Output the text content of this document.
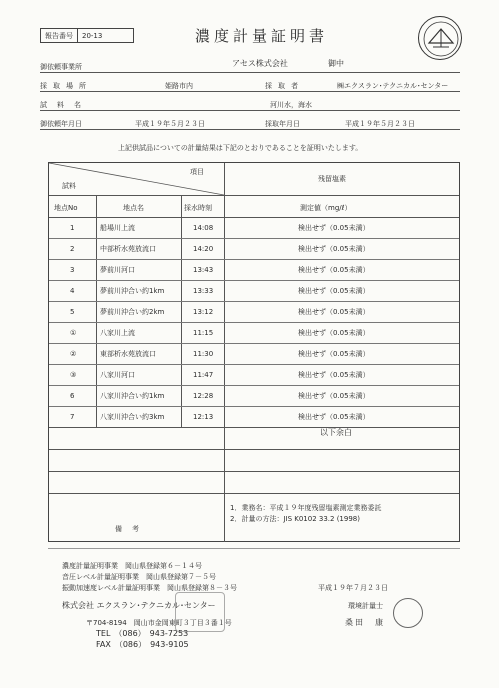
報告番号	20-13	濃度計量証明書
御依頼事業所	アセス株式会社	御中
採取場所	姫路市内	採取者	㈱エクスラン･テクニカル･センター
試料名	河川水，海水
御依頼年月日	平成１９年５月２３日	採取年月日	平成１９年５月２３日
上記供試品についての計量結果は下記のとおりであることを証明いたします。
項目
試料
残留塩素
地点No	地点名	採水時刻	測定値（mg/ℓ）
1	船場川上流	14:08	検出せず（0.05未満）
2	中部析水苑放流口	14:20	検出せず（0.05未満）
3	夢前川河口	13:43	検出せず（0.05未満）
4	夢前川沖合い約1km	13:33	検出せず（0.05未満）
5	夢前川沖合い約2km	13:12	検出せず（0.05未満）
①	八家川上流	11:15	検出せず（0.05未満）
②	東部析水苑放流口	11:30	検出せず（0.05未満）
③	八家川河口	11:47	検出せず（0.05未満）
6	八家川沖合い約1km	12:28	検出せず（0.05未満）
7	八家川沖合い約3km	12:13	検出せず（0.05未満）
以下余白
備考
1．業務名：平成１９年度残留塩素測定業務委託
2．計量の方法：JIS K0102 33.2 (1998)
濃度計量証明事業　岡山県登録第６－１４号
音圧レベル計量証明事業　岡山県登録第７－５号
振動加速度レベル計量証明事業　岡山県登録第８－３号
株式会社 エクスラン･テクニカル･センター
〒704-8194　岡山市金岡東町３丁目３番１号
TEL　（086）　943-7253
FAX　（086）　943-9105
平成１９年７月２３日
環境計量士
桑田　康
